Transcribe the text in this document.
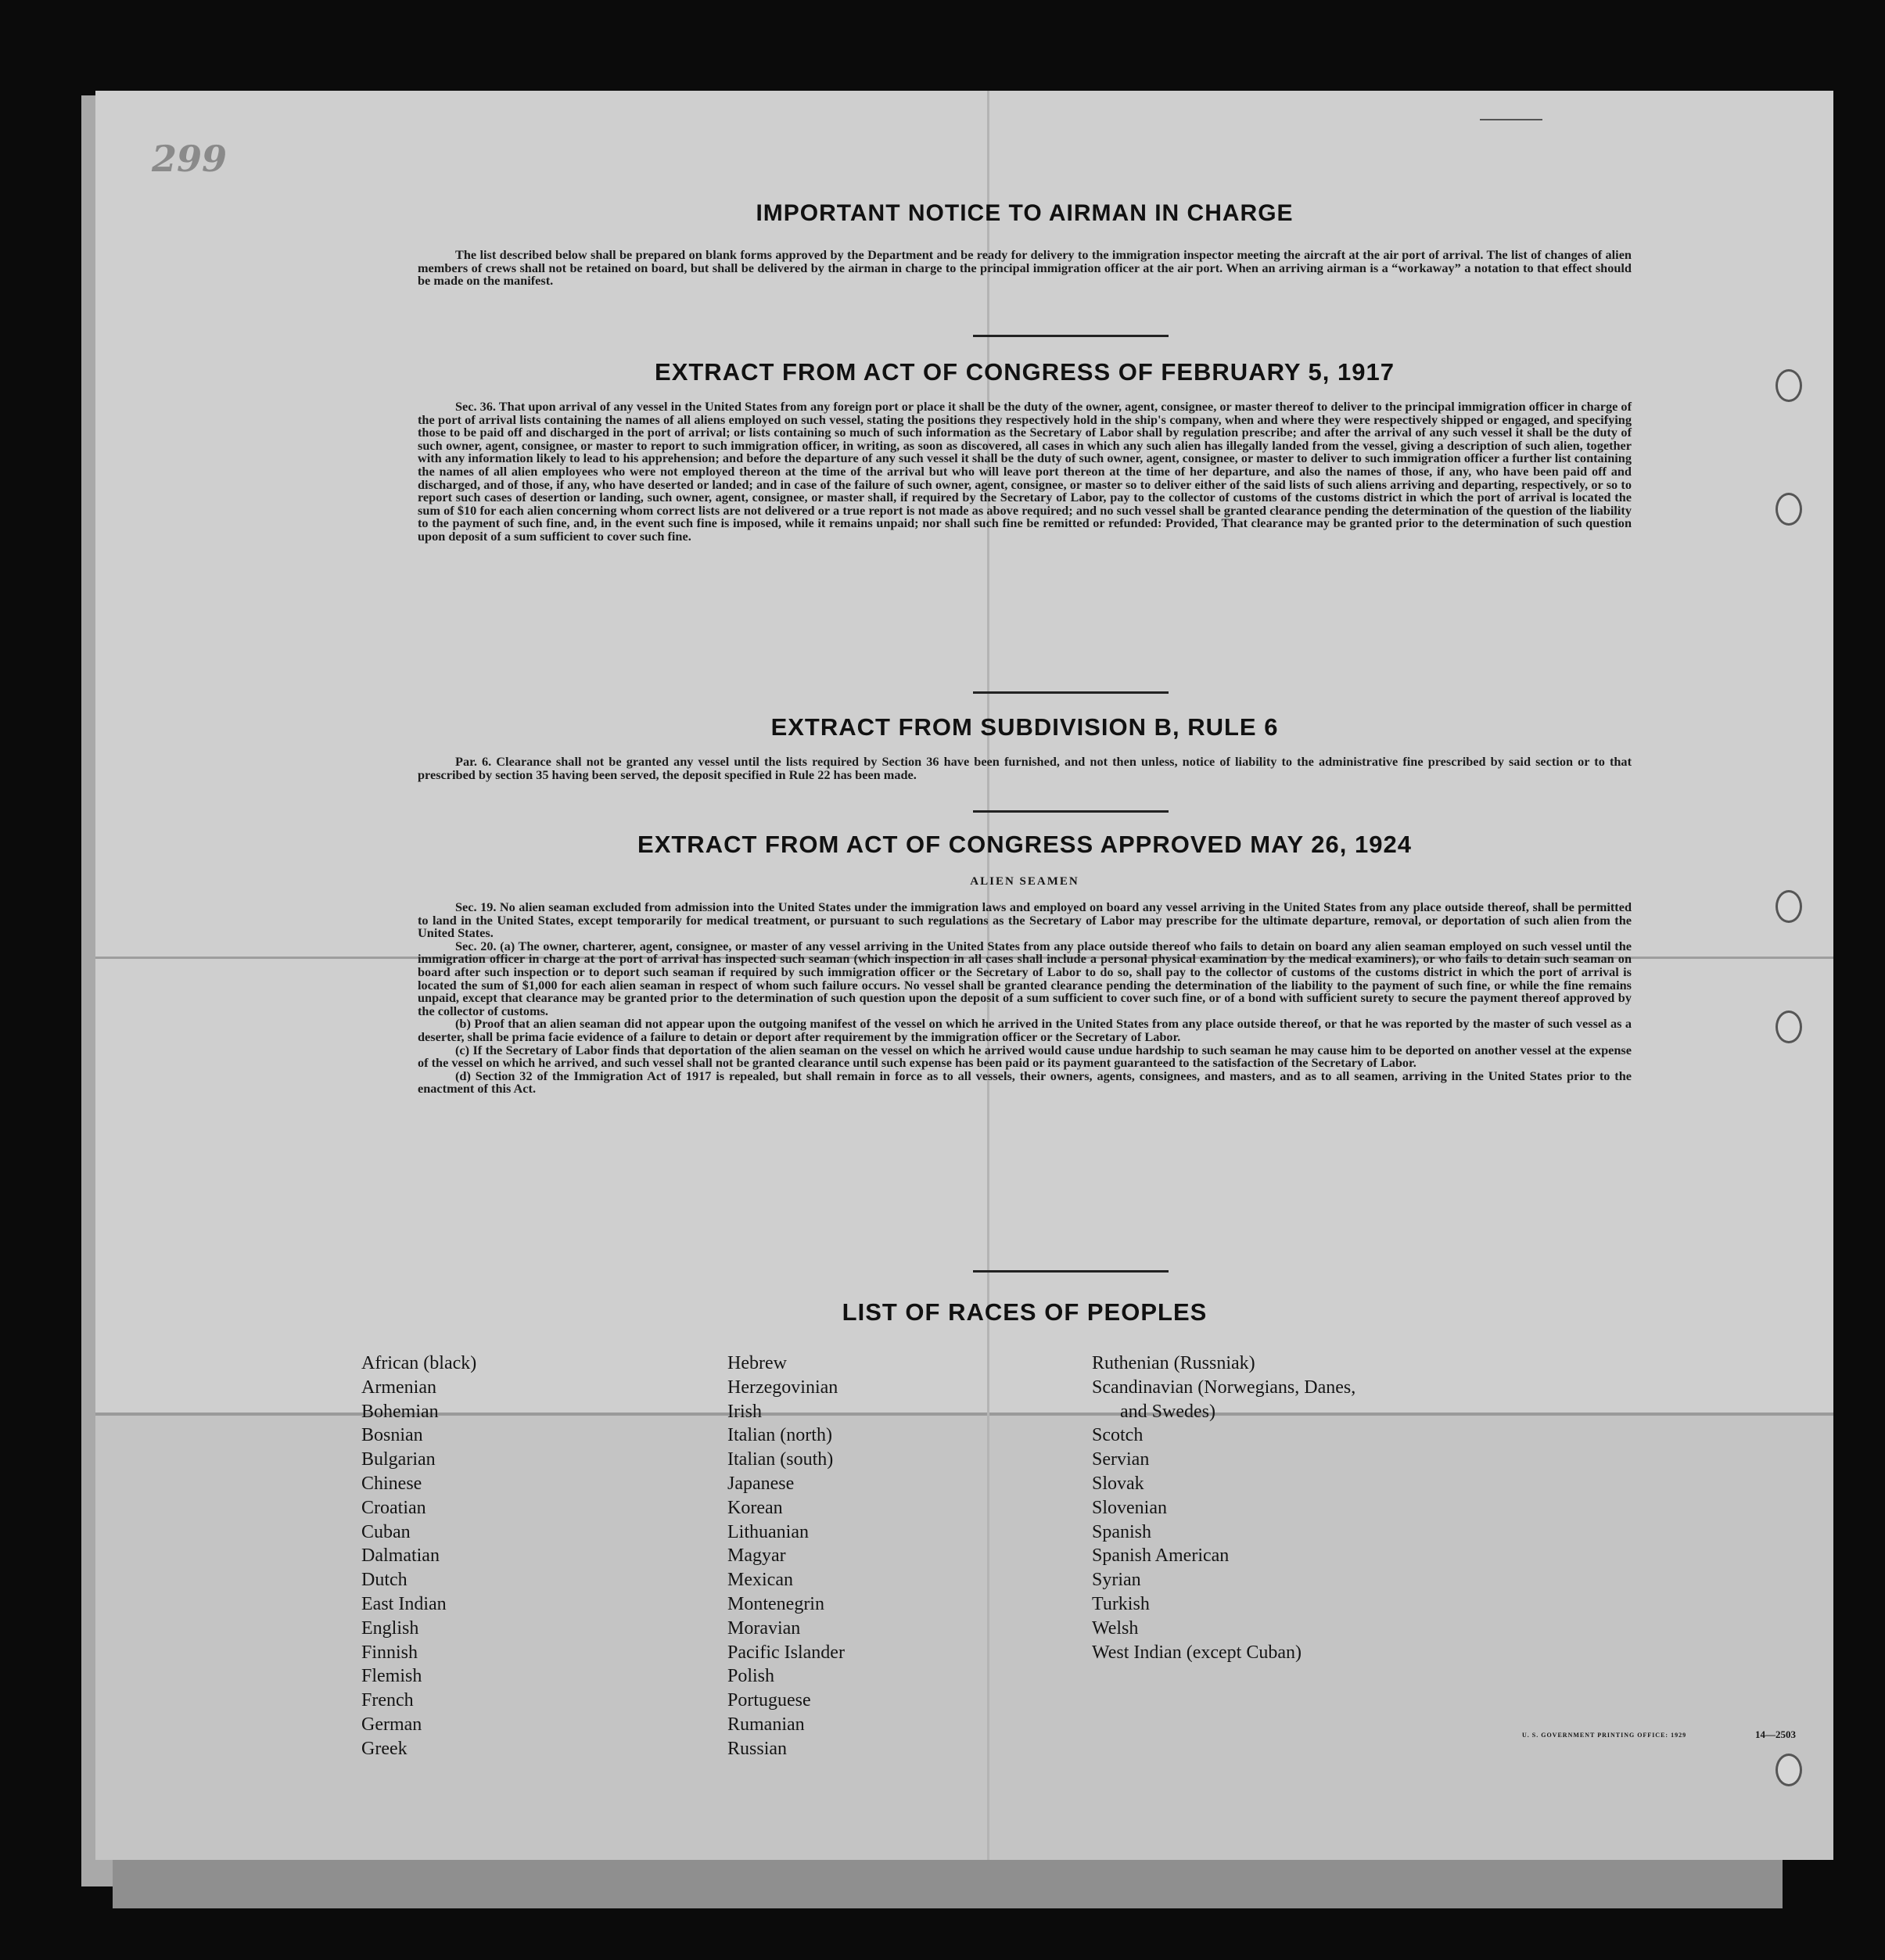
299
IMPORTANT NOTICE TO AIRMAN IN CHARGE

The list described below shall be prepared on blank forms approved by the Department and be ready for delivery to the immigration inspector meeting the aircraft at the air port of arrival. The list of changes of alien members of crews shall not be retained on board, but shall be delivered by the airman in charge to the principal immigration officer at the air port. When an arriving airman is a “workaway” a notation to that effect should be made on the manifest.

EXTRACT FROM ACT OF CONGRESS OF FEBRUARY 5, 1917

Sec. 36. That upon arrival of any vessel in the United States from any foreign port or place it shall be the duty of the owner, agent, consignee, or master thereof to deliver to the principal immigration officer in charge of the port of arrival lists containing the names of all aliens employed on such vessel, stating the positions they respectively hold in the ship's company, when and where they were respectively shipped or engaged, and specifying those to be paid off and discharged in the port of arrival; or lists containing so much of such information as the Secretary of Labor shall by regulation prescribe; and after the arrival of any such vessel it shall be the duty of such owner, agent, consignee, or master to report to such immigration officer, in writing, as soon as discovered, all cases in which any such alien has illegally landed from the vessel, giving a description of such alien, together with any information likely to lead to his apprehension; and before the departure of any such vessel it shall be the duty of such owner, agent, consignee, or master to deliver to such immigration officer a further list containing the names of all alien employees who were not employed thereon at the time of the arrival but who will leave port thereon at the time of her departure, and also the names of those, if any, who have been paid off and discharged, and of those, if any, who have deserted or landed; and in case of the failure of such owner, agent, consignee, or master so to deliver either of the said lists of such aliens arriving and departing, respectively, or so to report such cases of desertion or landing, such owner, agent, consignee, or master shall, if required by the Secretary of Labor, pay to the collector of customs of the customs district in which the port of arrival is located the sum of $10 for each alien concerning whom correct lists are not delivered or a true report is not made as above required; and no such vessel shall be granted clearance pending the determination of the question of the liability to the payment of such fine, and, in the event such fine is imposed, while it remains unpaid; nor shall such fine be remitted or refunded: Provided, That clearance may be granted prior to the determination of such question upon deposit of a sum sufficient to cover such fine.

EXTRACT FROM SUBDIVISION B, RULE 6

Par. 6. Clearance shall not be granted any vessel until the lists required by Section 36 have been furnished, and not then unless, notice of liability to the administrative fine prescribed by said section or to that prescribed by section 35 having been served, the deposit specified in Rule 22 has been made.

EXTRACT FROM ACT OF CONGRESS APPROVED MAY 26, 1924
ALIEN SEAMEN

Sec. 19. No alien seaman excluded from admission into the United States under the immigration laws and employed on board any vessel arriving in the United States from any place outside thereof, shall be permitted to land in the United States, except temporarily for medical treatment, or pursuant to such regulations as the Secretary of Labor may prescribe for the ultimate departure, removal, or deportation of such alien from the United States.

Sec. 20. (a) The owner, charterer, agent, consignee, or master of any vessel arriving in the United States from any place outside thereof who fails to detain on board any alien seaman employed on such vessel until the immigration officer in charge at the port of arrival has inspected such seaman (which inspection in all cases shall include a personal physical examination by the medical examiners), or who fails to detain such seaman on board after such inspection or to deport such seaman if required by such immigration officer or the Secretary of Labor to do so, shall pay to the collector of customs of the customs district in which the port of arrival is located the sum of $1,000 for each alien seaman in respect of whom such failure occurs. No vessel shall be granted clearance pending the determination of the liability to the payment of such fine, or while the fine remains unpaid, except that clearance may be granted prior to the determination of such question upon the deposit of a sum sufficient to cover such fine, or of a bond with sufficient surety to secure the payment thereof approved by the collector of customs.

(b) Proof that an alien seaman did not appear upon the outgoing manifest of the vessel on which he arrived in the United States from any place outside thereof, or that he was reported by the master of such vessel as a deserter, shall be prima facie evidence of a failure to detain or deport after requirement by the immigration officer or the Secretary of Labor.

(c) If the Secretary of Labor finds that deportation of the alien seaman on the vessel on which he arrived would cause undue hardship to such seaman he may cause him to be deported on another vessel at the expense of the vessel on which he arrived, and such vessel shall not be granted clearance until such expense has been paid or its payment guaranteed to the satisfaction of the Secretary of Labor.

(d) Section 32 of the Immigration Act of 1917 is repealed, but shall remain in force as to all vessels, their owners, agents, consignees, and masters, and as to all seamen, arriving in the United States prior to the enactment of this Act.

LIST OF RACES OF PEOPLES
African (black)
Armenian
Bohemian
Bosnian
Bulgarian
Chinese
Croatian
Cuban
Dalmatian
Dutch
East Indian
English
Finnish
Flemish
French
German
Greek
Hebrew
Herzegovinian
Irish
Italian (north)
Italian (south)
Japanese
Korean
Lithuanian
Magyar
Mexican
Montenegrin
Moravian
Pacific Islander
Polish
Portuguese
Rumanian
Russian
Ruthenian (Russniak)
Scandinavian (Norwegians, Danes,
and Swedes)
Scotch
Servian
Slovak
Slovenian
Spanish
Spanish American
Syrian
Turkish
Welsh
West Indian (except Cuban)
U. S. GOVERNMENT PRINTING OFFICE: 1929	14—2503
